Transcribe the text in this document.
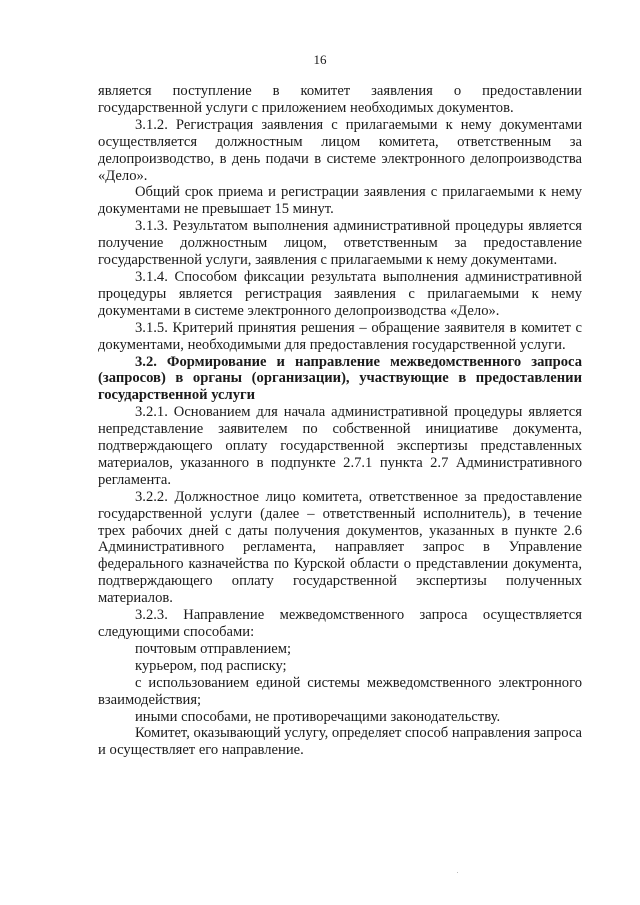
16

является поступление в комитет заявления о предоставлении государственной услуги с приложением необходимых документов.

3.1.2. Регистрация заявления с прилагаемыми к нему документами осуществляется должностным лицом комитета, ответственным за делопроизводство, в день подачи в системе электронного делопроизводства «Дело».

Общий срок приема и регистрации заявления с прилагаемыми к нему документами не превышает 15 минут.

3.1.3. Результатом выполнения административной процедуры является получение должностным лицом, ответственным за предоставление государственной услуги, заявления с прилагаемыми к нему документами.

3.1.4. Способом фиксации результата выполнения административной процедуры является регистрация заявления с прилагаемыми к нему документами в системе электронного делопроизводства «Дело».

3.1.5. Критерий принятия решения – обращение заявителя в комитет с документами, необходимыми для предоставления государственной услуги.

3.2. Формирование и направление межведомственного запроса (запросов) в органы (организации), участвующие в предоставлении государственной услуги

3.2.1. Основанием для начала административной процедуры является непредставление заявителем по собственной инициативе документа, подтверждающего оплату государственной экспертизы представленных материалов, указанного в подпункте 2.7.1 пункта 2.7 Административного регламента.

3.2.2. Должностное лицо комитета, ответственное за предоставление государственной услуги (далее – ответственный исполнитель), в течение трех рабочих дней с даты получения документов, указанных в пункте 2.6 Административного регламента, направляет запрос в Управление федерального казначейства по Курской области о представлении документа, подтверждающего оплату государственной экспертизы полученных материалов.

3.2.3. Направление межведомственного запроса осуществляется следующими способами:

почтовым отправлением;

курьером, под расписку;

с использованием единой системы межведомственного электронного взаимодействия;

иными способами, не противоречащими законодательству.

Комитет, оказывающий услугу, определяет способ направления запроса и осуществляет его направление.
